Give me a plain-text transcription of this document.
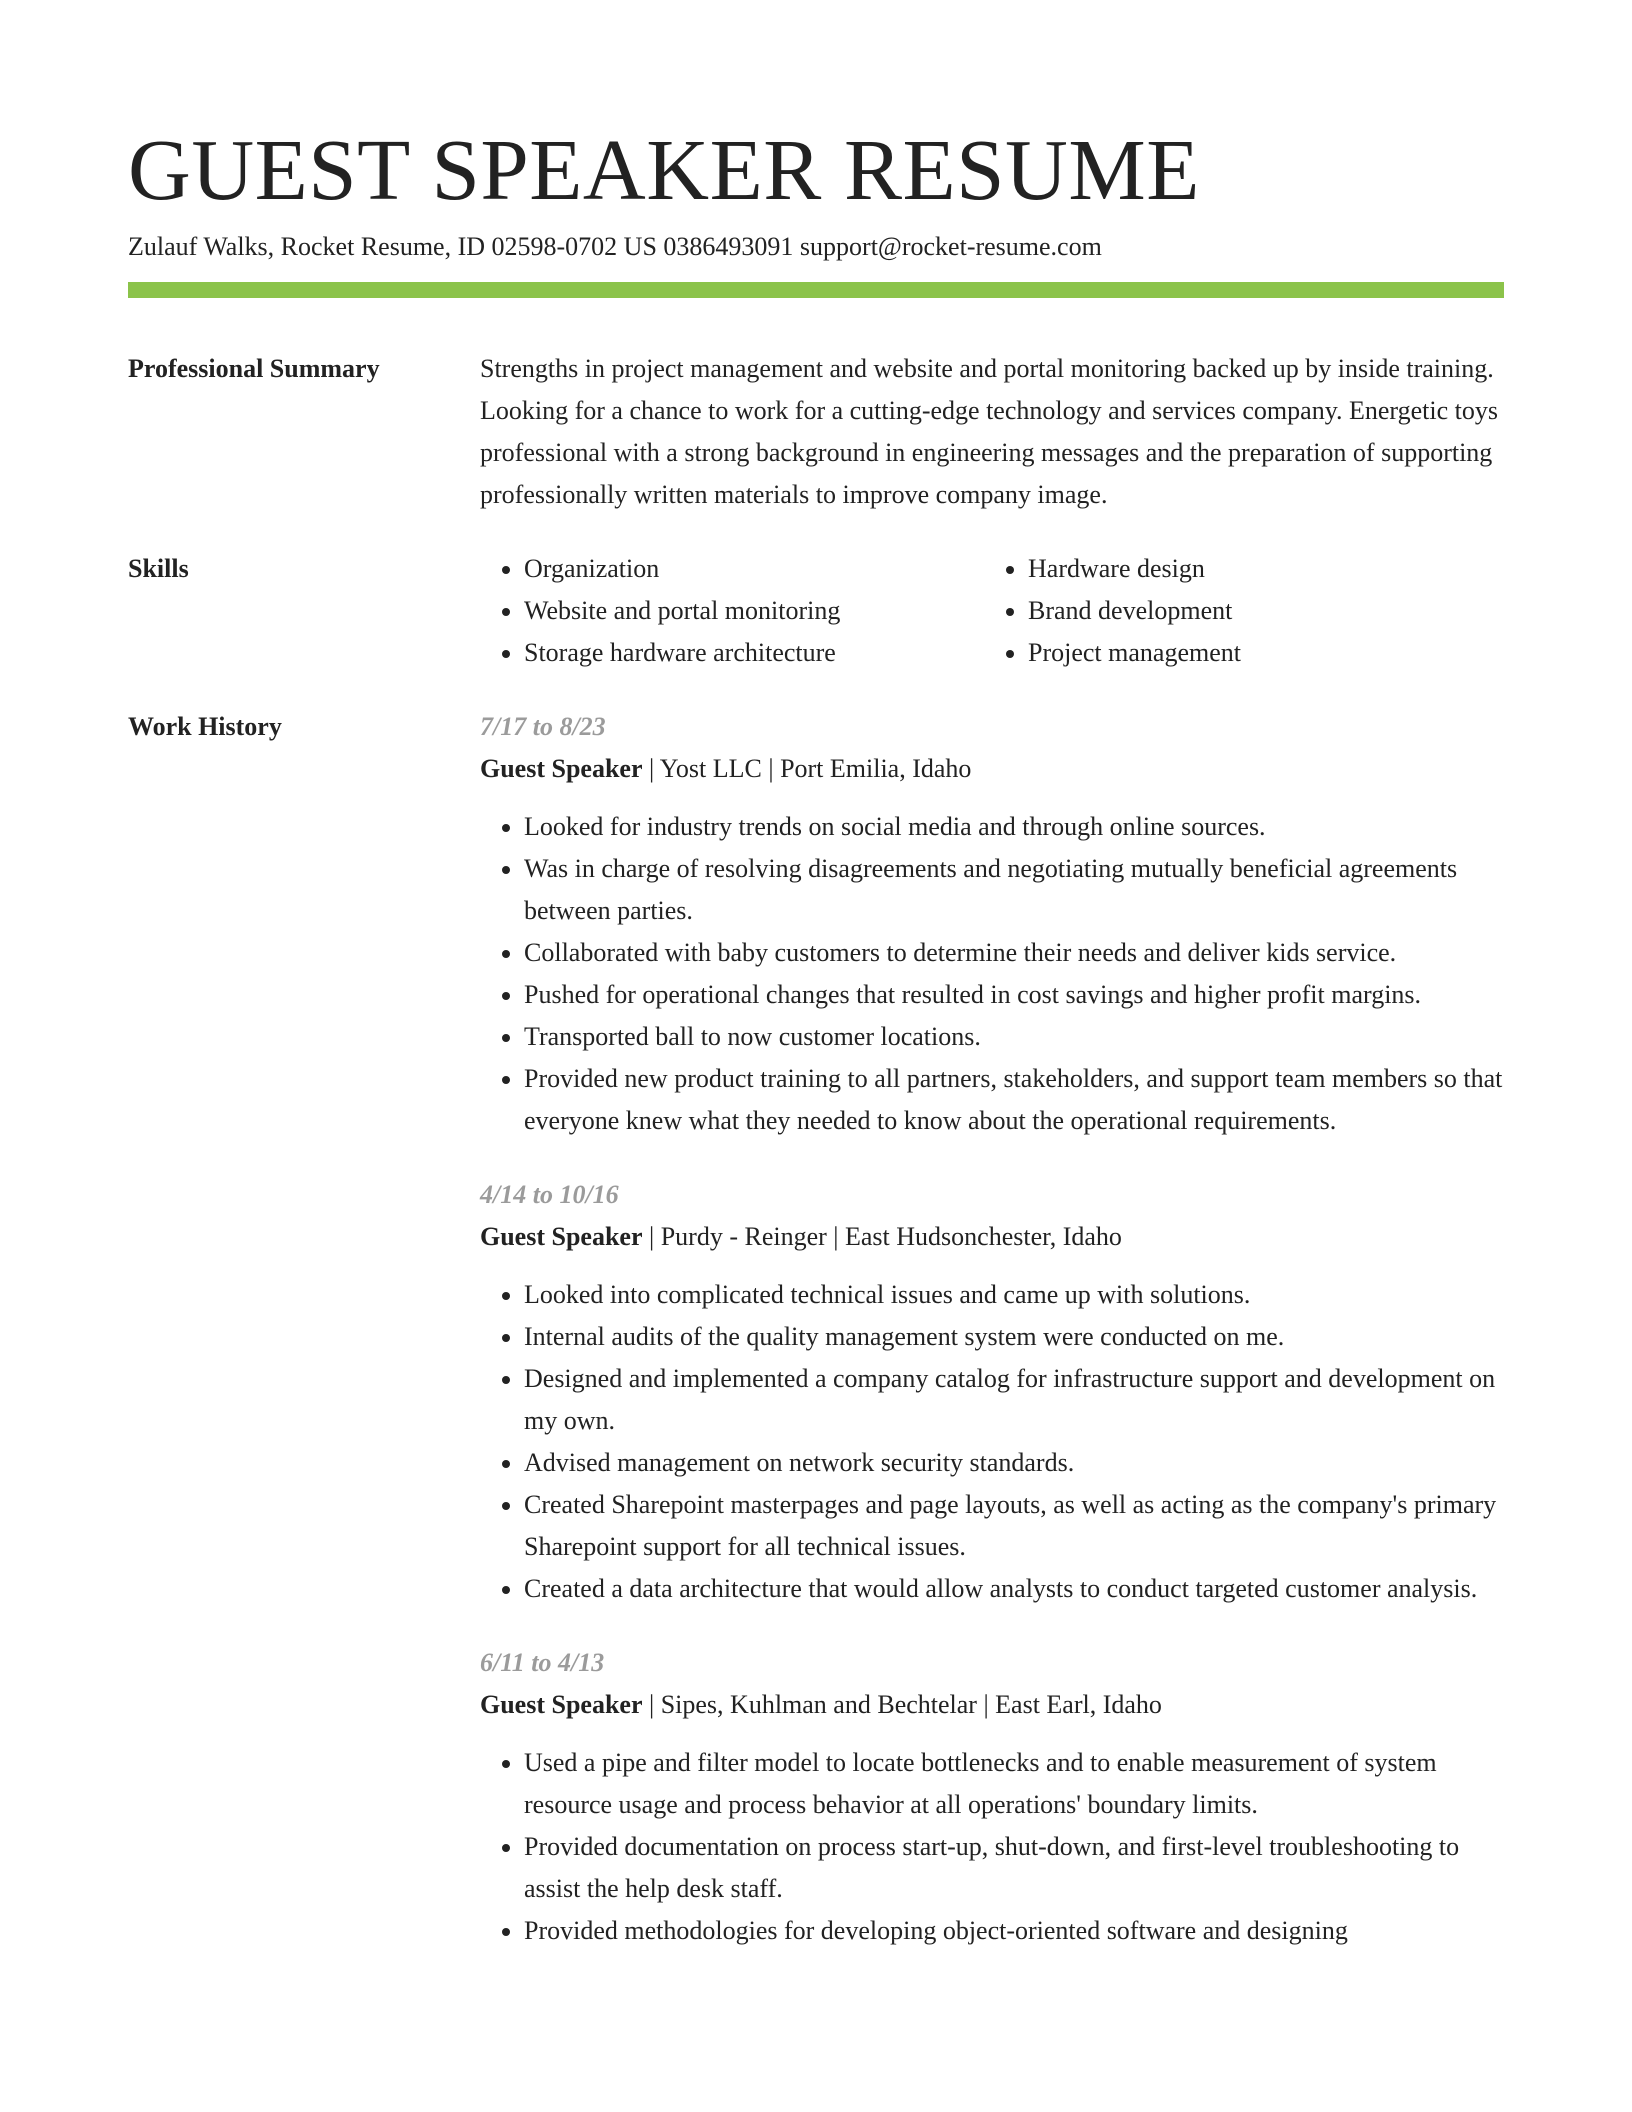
GUEST SPEAKER RESUME
Zulauf Walks, Rocket Resume, ID 02598-0702 US 0386493091 support@rocket-resume.com
Professional Summary	Strengths in project management and website and portal monitoring backed up by inside training. Looking for a chance to work for a cutting-edge technology and services company. Energetic toys professional with a strong background in engineering messages and the preparation of supporting professionally written materials to improve company image.
Skills
•	Organization
• Website and portal monitoring
• Storage hardware architecture
• Hardware design
• Brand development
• Project management
Work History	7/17 to 8/23
Guest Speaker | Yost LLC | Port Emilia, Idaho
• Looked for industry trends on social media and through online sources.
• Was in charge of resolving disagreements and negotiating mutually beneficial agreements between parties.
• Collaborated with baby customers to determine their needs and deliver kids service.
• Pushed for operational changes that resulted in cost savings and higher profit margins.
• Transported ball to now customer locations.
• Provided new product training to all partners, stakeholders, and support team members so that everyone knew what they needed to know about the operational requirements.
4/14 to 10/16
Guest Speaker | Purdy - Reinger | East Hudsonchester, Idaho
• Looked into complicated technical issues and came up with solutions.
• Internal audits of the quality management system were conducted on me.
• Designed and implemented a company catalog for infrastructure support and development on my own.
• Advised management on network security standards.
• Created Sharepoint masterpages and page layouts, as well as acting as the company's primary Sharepoint support for all technical issues.
• Created a data architecture that would allow analysts to conduct targeted customer analysis.
6/11 to 4/13
Guest Speaker | Sipes, Kuhlman and Bechtelar | East Earl, Idaho
• Used a pipe and filter model to locate bottlenecks and to enable measurement of system resource usage and process behavior at all operations' boundary limits.
• Provided documentation on process start-up, shut-down, and first-level troubleshooting to assist the help desk staff.
• Provided methodologies for developing object-oriented software and designing
